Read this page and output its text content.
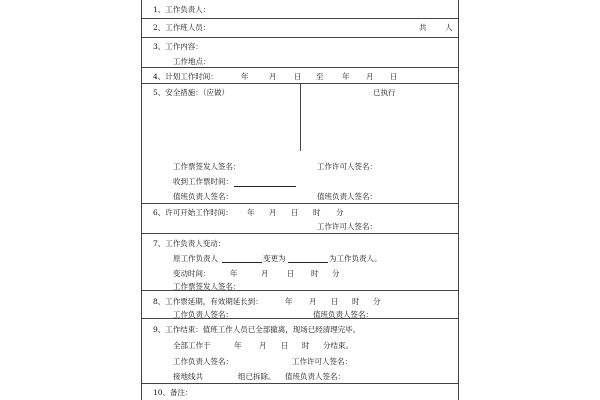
1、工作负责人：
2、工作班人员：	共 人
3、工作内容：
工作地点：
4、计划工作时间：	年	月 日 至 年 月 日
5、安全措施：（应做）	已执行
工作票签发人签名：	工作许可人签名：
收到工作票时间：
值班负责人签名：	值班负责人签名：
6、许可开始工作时间： 年 月 日 时 分
工作许可人签名：
7、工作负责人变动：
原工作负责人	变更为	为工作负责人。
变动时间：	年	月 日 时 分
工作票签发人签名：
8、工作票延期，有效期延长到：	年 月 日 时 分
工作负责人签名：	值班负责人签名：
9、工作结束：值班工作人员已全部撤离，现场已经清理完毕。
全部工作于	年 月 日 时 分结束。
工作负责人签名：	工作许可人签名：
接地线共	组已拆除。 值班负责人签名：
10、备注：
